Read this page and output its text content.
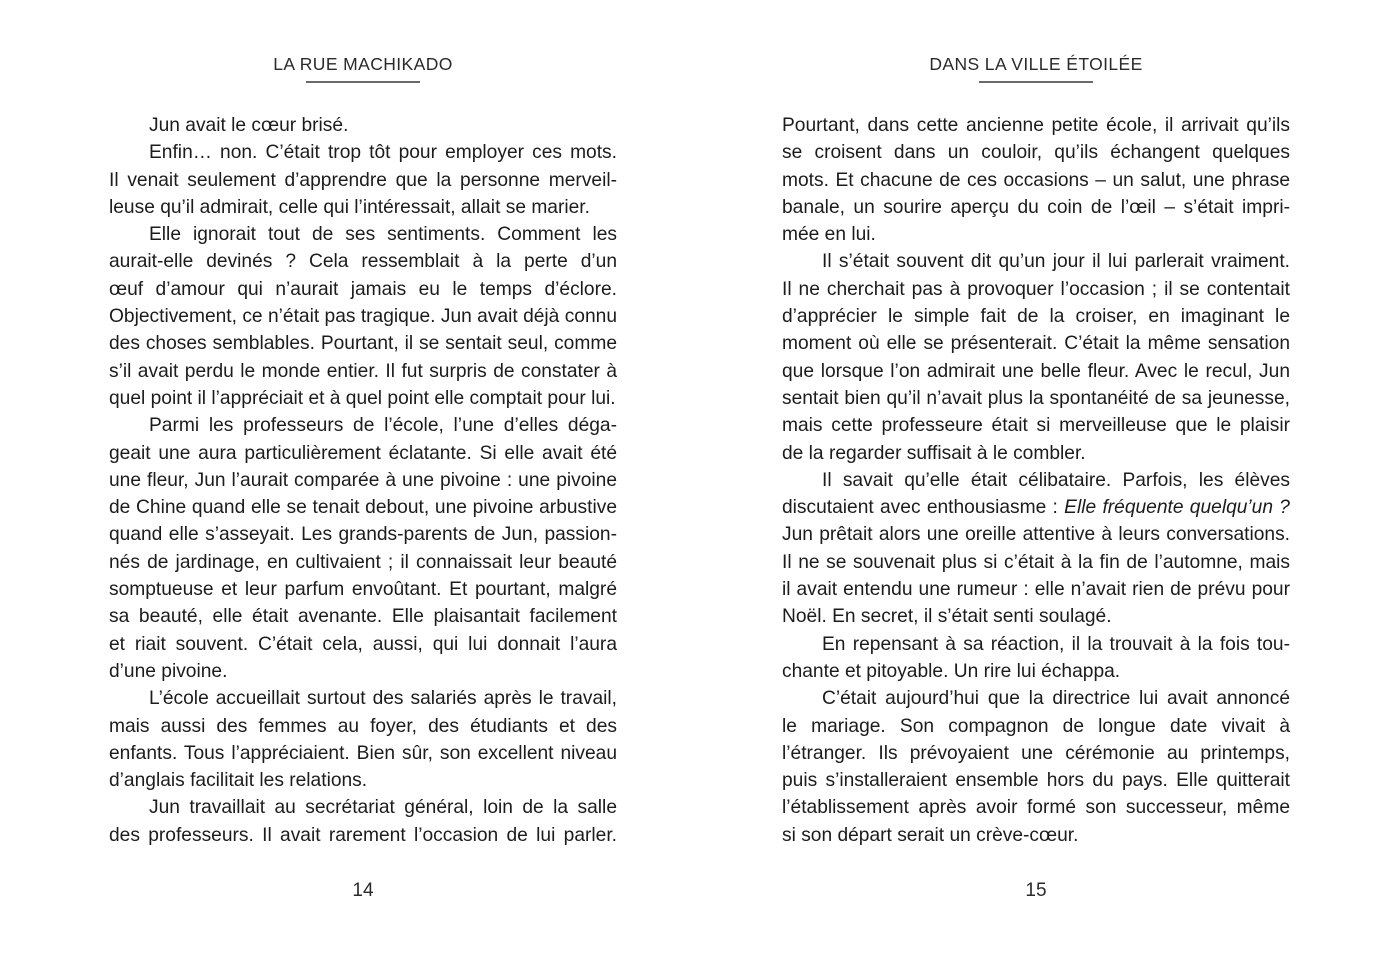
LA RUE MACHIKADO
Jun avait le cœur brisé.
Enfin… non. C’était trop tôt pour employer ces mots.
Il venait seulement d’apprendre que la personne merveil-
leuse qu’il admirait, celle qui l’intéressait, allait se marier.
Elle ignorait tout de ses sentiments. Comment les
aurait-elle devinés ? Cela ressemblait à la perte d’un
œuf d’amour qui n’aurait jamais eu le temps d’éclore.
Objectivement, ce n’était pas tragique. Jun avait déjà connu
des choses semblables. Pourtant, il se sentait seul, comme
s’il avait perdu le monde entier. Il fut surpris de constater à
quel point il l’appréciait et à quel point elle comptait pour lui.
Parmi les professeurs de l’école, l’une d’elles déga-
geait une aura particulièrement éclatante. Si elle avait été
une fleur, Jun l’aurait comparée à une pivoine : une pivoine
de Chine quand elle se tenait debout, une pivoine arbustive
quand elle s’asseyait. Les grands-parents de Jun, passion-
nés de jardinage, en cultivaient ; il connaissait leur beauté
somptueuse et leur parfum envoûtant. Et pourtant, malgré
sa beauté, elle était avenante. Elle plaisantait facilement
et riait souvent. C’était cela, aussi, qui lui donnait l’aura
d’une pivoine.
L’école accueillait surtout des salariés après le travail,
mais aussi des femmes au foyer, des étudiants et des
enfants. Tous l’appréciaient. Bien sûr, son excellent niveau
d’anglais facilitait les relations.
Jun travaillait au secrétariat général, loin de la salle
des professeurs. Il avait rarement l’occasion de lui parler.
14
DANS LA VILLE ÉTOILÉE
Pourtant, dans cette ancienne petite école, il arrivait qu’ils
se croisent dans un couloir, qu’ils échangent quelques
mots. Et chacune de ces occasions – un salut, une phrase
banale, un sourire aperçu du coin de l’œil – s’était impri-
mée en lui.
Il s’était souvent dit qu’un jour il lui parlerait vraiment.
Il ne cherchait pas à provoquer l’occasion ; il se contentait
d’apprécier le simple fait de la croiser, en imaginant le
moment où elle se présenterait. C’était la même sensation
que lorsque l’on admirait une belle fleur. Avec le recul, Jun
sentait bien qu’il n’avait plus la spontanéité de sa jeunesse,
mais cette professeure était si merveilleuse que le plaisir
de la regarder suffisait à le combler.
Il savait qu’elle était célibataire. Parfois, les élèves
discutaient avec enthousiasme : Elle fréquente quelqu’un ?
Jun prêtait alors une oreille attentive à leurs conversations.
Il ne se souvenait plus si c’était à la fin de l’automne, mais
il avait entendu une rumeur : elle n’avait rien de prévu pour
Noël. En secret, il s’était senti soulagé.
En repensant à sa réaction, il la trouvait à la fois tou-
chante et pitoyable. Un rire lui échappa.
C’était aujourd’hui que la directrice lui avait annoncé
le mariage. Son compagnon de longue date vivait à
l’étranger. Ils prévoyaient une cérémonie au printemps,
puis s’installeraient ensemble hors du pays. Elle quitterait
l’établissement après avoir formé son successeur, même
si son départ serait un crève-cœur.
15
